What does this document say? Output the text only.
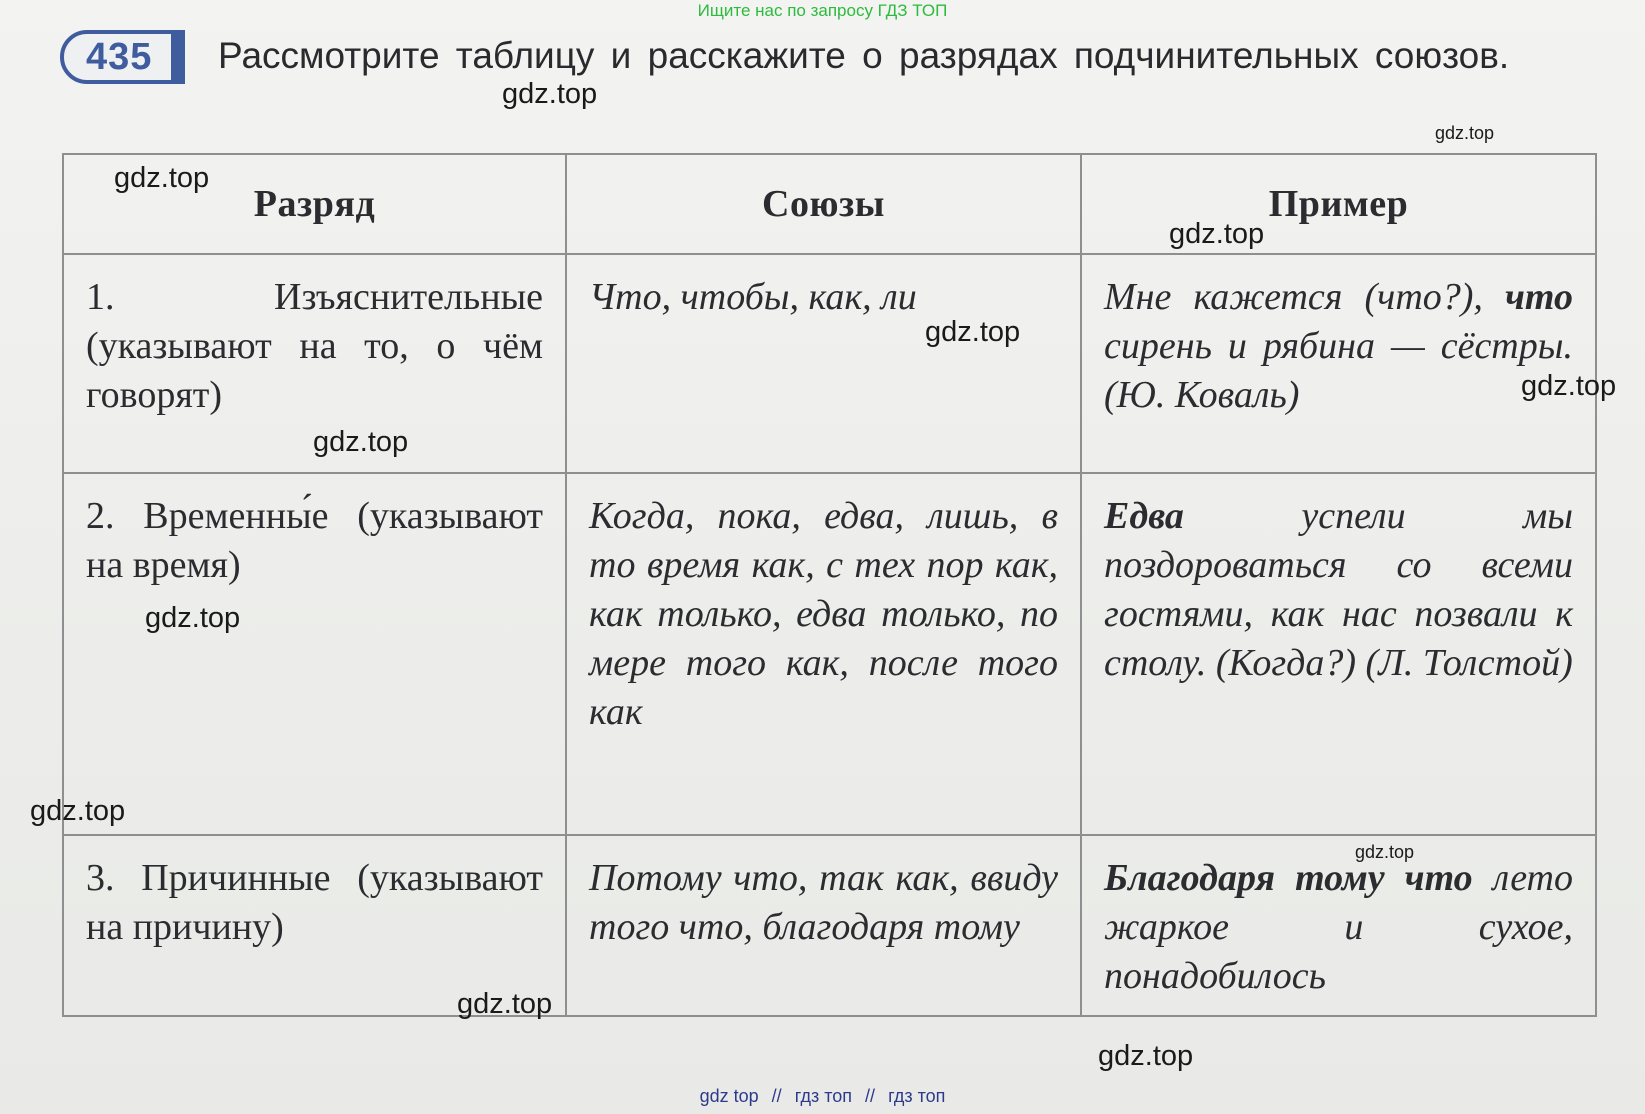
Ищите нас по запросу ГДЗ ТОП
Рассмотрите таблицу и расскажите о разрядах подчинительных союзов.
435
Разряд	Союзы	Пример
1. Изъяснительные (указывают на то, о чём говорят)	Что, чтобы, как, ли	Мне кажется (что?), что сирень и рябина — сёстры. (Ю. Коваль)
2. Временны́е (указывают на время)	Когда, пока, едва, лишь, в то время как, с тех пор как, как только, едва только, по мере того как, после того как	Едва успели мы поздороваться со всеми гостями, как нас позвали к столу. (Когда?) (Л. Толстой)
3. Причинные (указывают на причину)	Потому что, так как, ввиду того что, благодаря тому	Благодаря тому что лето жаркое и сухое, понадобилось
gdz.top
gdz.top
gdz.top
gdz.top
gdz.top
gdz.top
gdz.top
gdz.top
gdz.top
gdz.top
gdz.top
gdz.top
gdz top // гдз топ // гдз топ
